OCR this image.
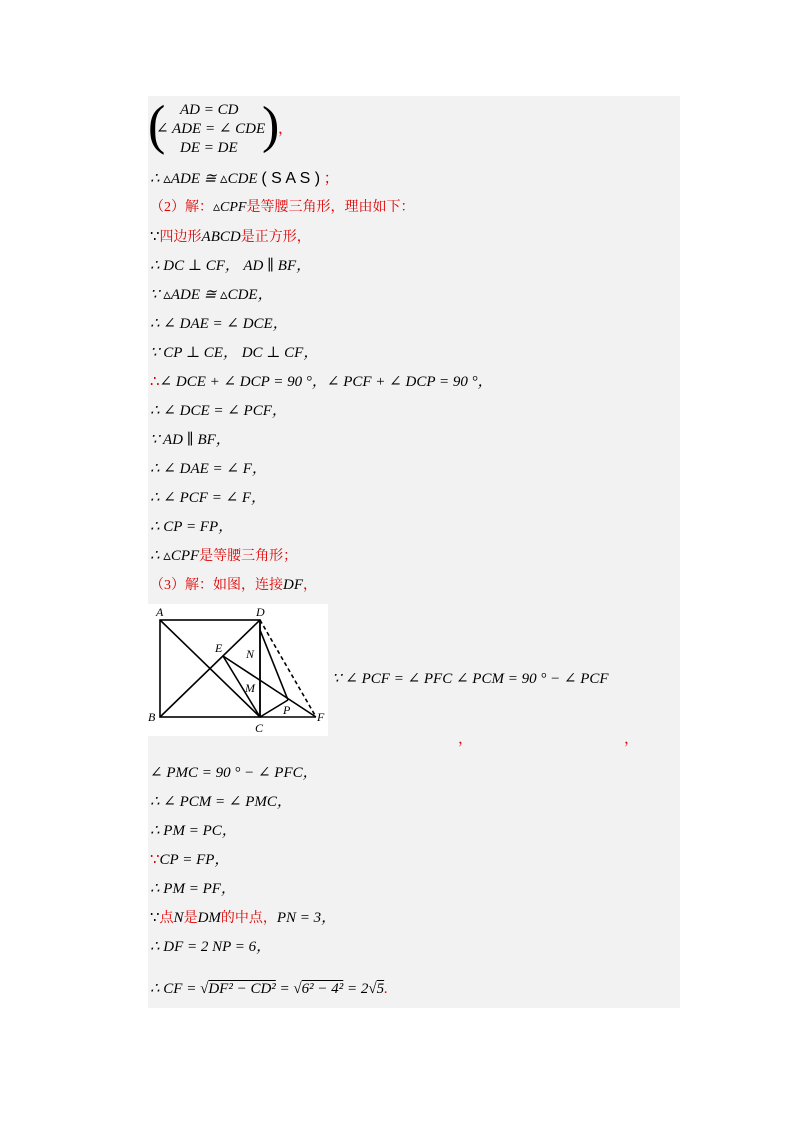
( AD = CD
∠ ADE = ∠ CDE
DE = DE )
，
∴ ▵ADE ≅ ▵CDE ( S A S ) ；
（2）解：▵CPF是等腰三角形，理由如下：
∵四边形ABCD是正方形，
∴ DC ⊥ CF， AD ∥ BF，
∵ ▵ADE ≅ ▵CDE，
∴ ∠ DAE = ∠ DCE，
∵ CP ⊥ CE， DC ⊥ CF，
∴∠ DCE + ∠ DCP = 90 °，∠ PCF + ∠ DCP = 90 °，
∴ ∠ DCE = ∠ PCF，
∵ AD ∥ BF，
∴ ∠ DAE = ∠ F，
∴ ∠ PCF = ∠ F，
∴ CP = FP，
∴ ▵CPF是等腰三角形；
（3）解：如图，连接DF，
A
B
C
D
E
F
M
N
P
∵ ∠ PCF = ∠ PFC ∠ PCM = 90 ° − ∠ PCF
，	，
∠ PMC = 90 ° − ∠ PFC，
∴ ∠ PCM = ∠ PMC，
∴ PM = PC，
∵CP = FP，
∴ PM = PF，
∵点N是DM的中点，PN = 3，
∴ DF = 2 NP = 6，
∴ CF = √DF² − CD² = √6² − 4² = 2√5.
